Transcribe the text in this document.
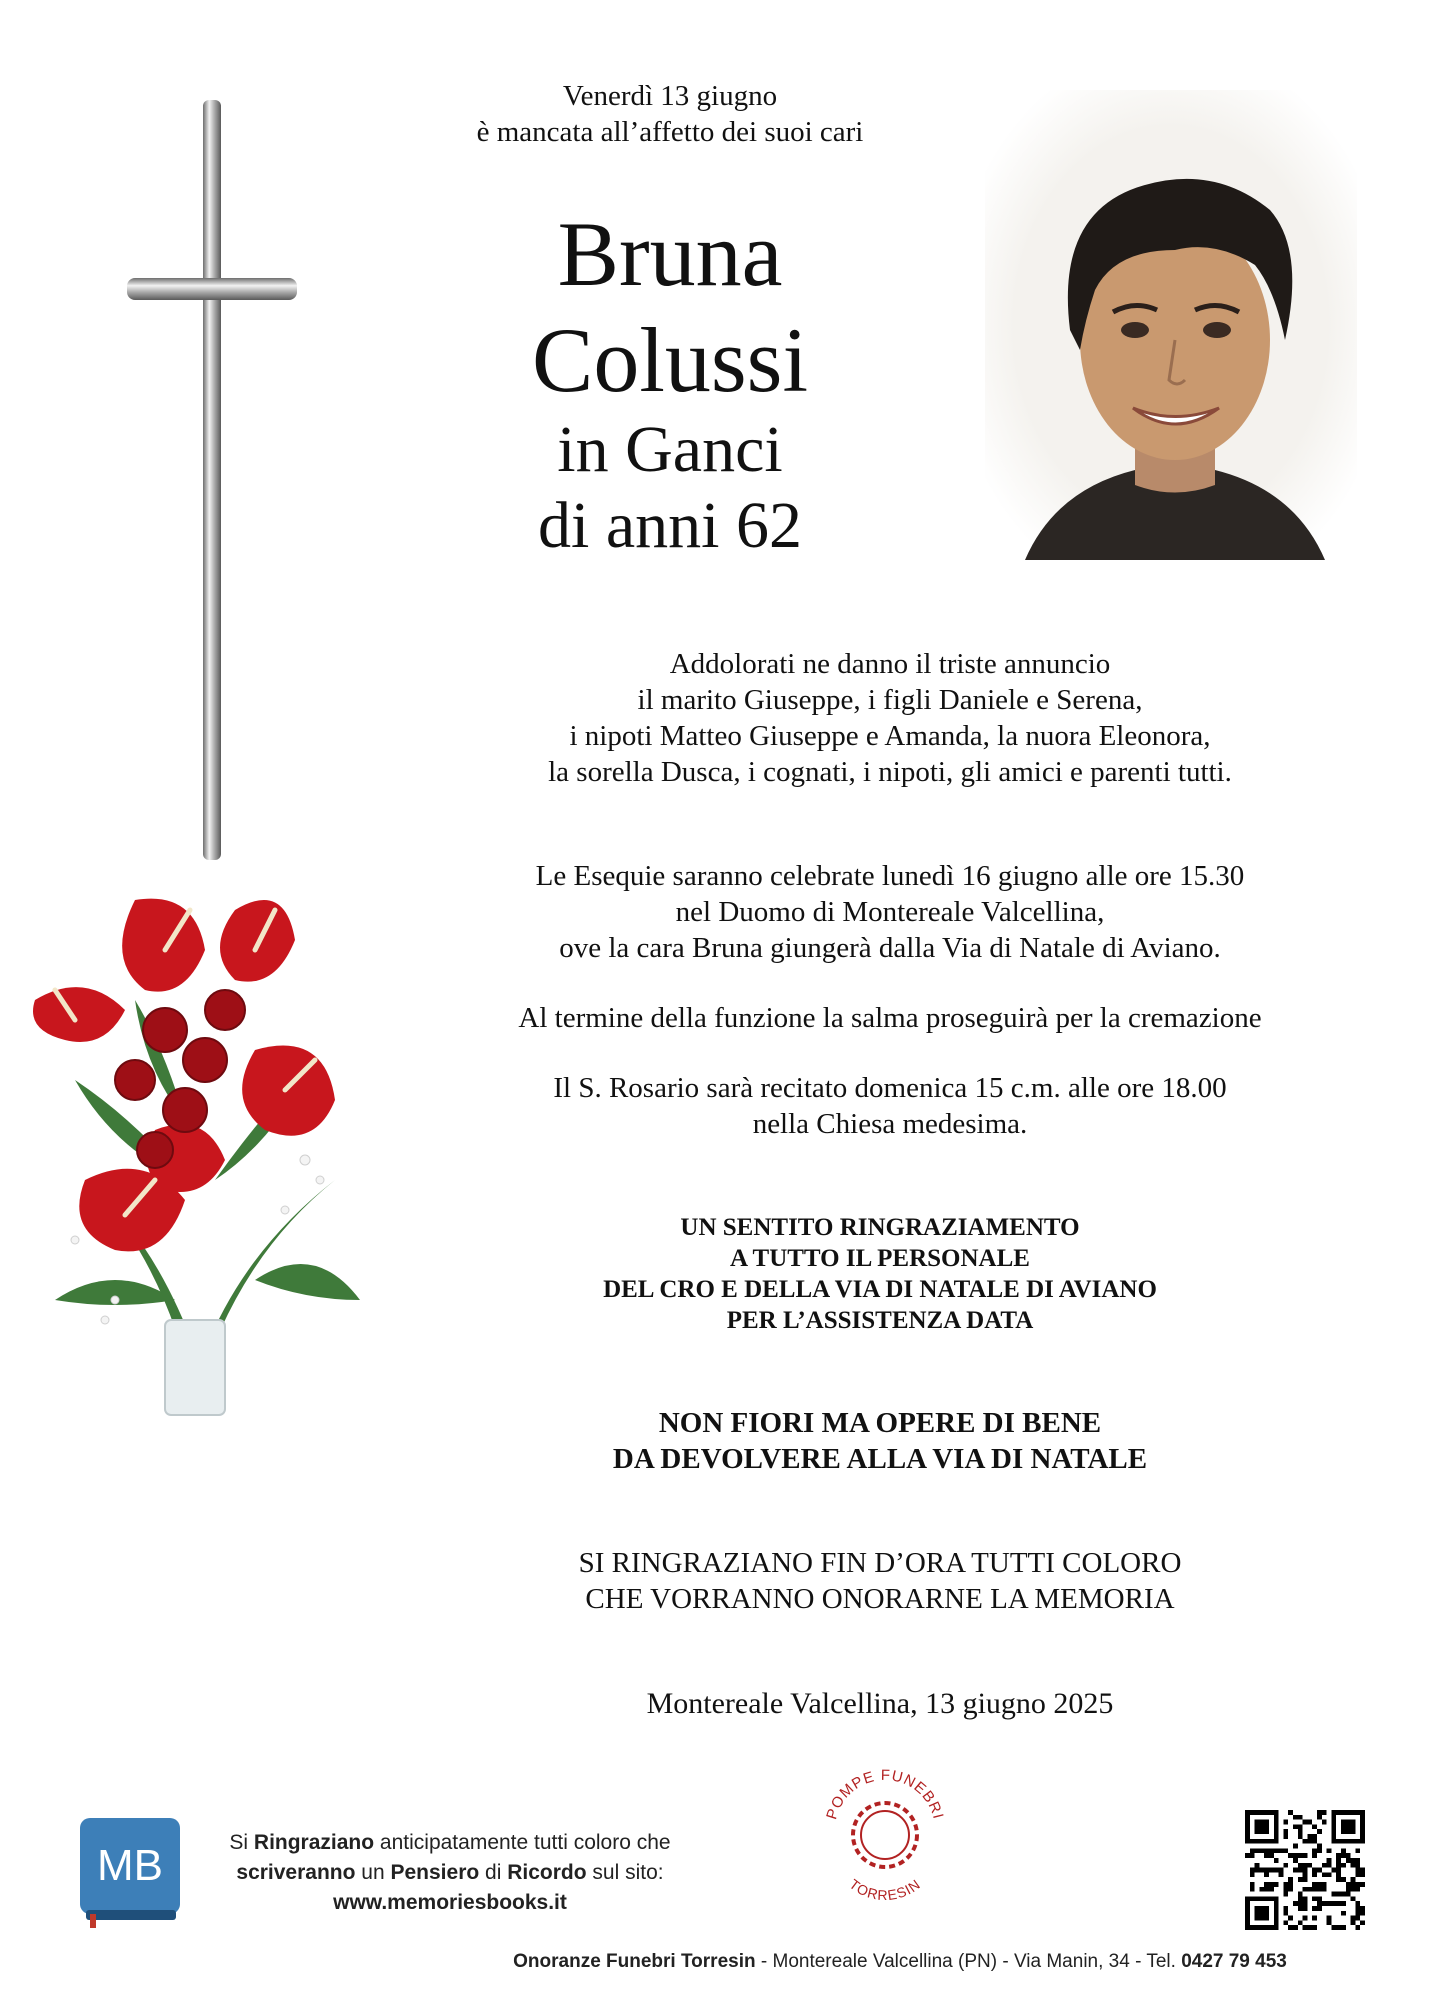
Venerdì 13 giugno
è mancata all’affetto dei suoi cari
Bruna
Colussi
in Ganci
di anni 62
Addolorati ne danno il triste annuncio
il marito Giuseppe, i figli Daniele e Serena,
i nipoti Matteo Giuseppe e Amanda, la nuora Eleonora,
la sorella Dusca, i cognati, i nipoti, gli amici e parenti tutti.
Le Esequie saranno celebrate lunedì 16 giugno alle ore 15.30
nel Duomo di Montereale Valcellina,
ove la cara Bruna giungerà dalla Via di Natale di Aviano.
Al termine della funzione la salma proseguirà per la cremazione
Il S. Rosario sarà recitato domenica 15 c.m. alle ore 18.00
nella Chiesa medesima.
UN SENTITO RINGRAZIAMENTO
A TUTTO IL PERSONALE
DEL CRO E DELLA VIA DI NATALE DI AVIANO
PER L’ASSISTENZA DATA
NON FIORI MA OPERE DI BENE
DA DEVOLVERE ALLA VIA DI NATALE
SI RINGRAZIANO FIN D’ORA TUTTI COLORO
CHE VORRANNO ONORARNE LA MEMORIA
Montereale Valcellina, 13 giugno 2025
POMPE FUNEBRI
TORRESIN
MB	Si Ringraziano anticipatamente tutti coloro che
scriveranno un Pensiero di Ricordo sul sito:
www.memoriesbooks.it
Onoranze Funebri Torresin - Montereale Valcellina (PN) - Via Manin, 34 - Tel. 0427 79 453
